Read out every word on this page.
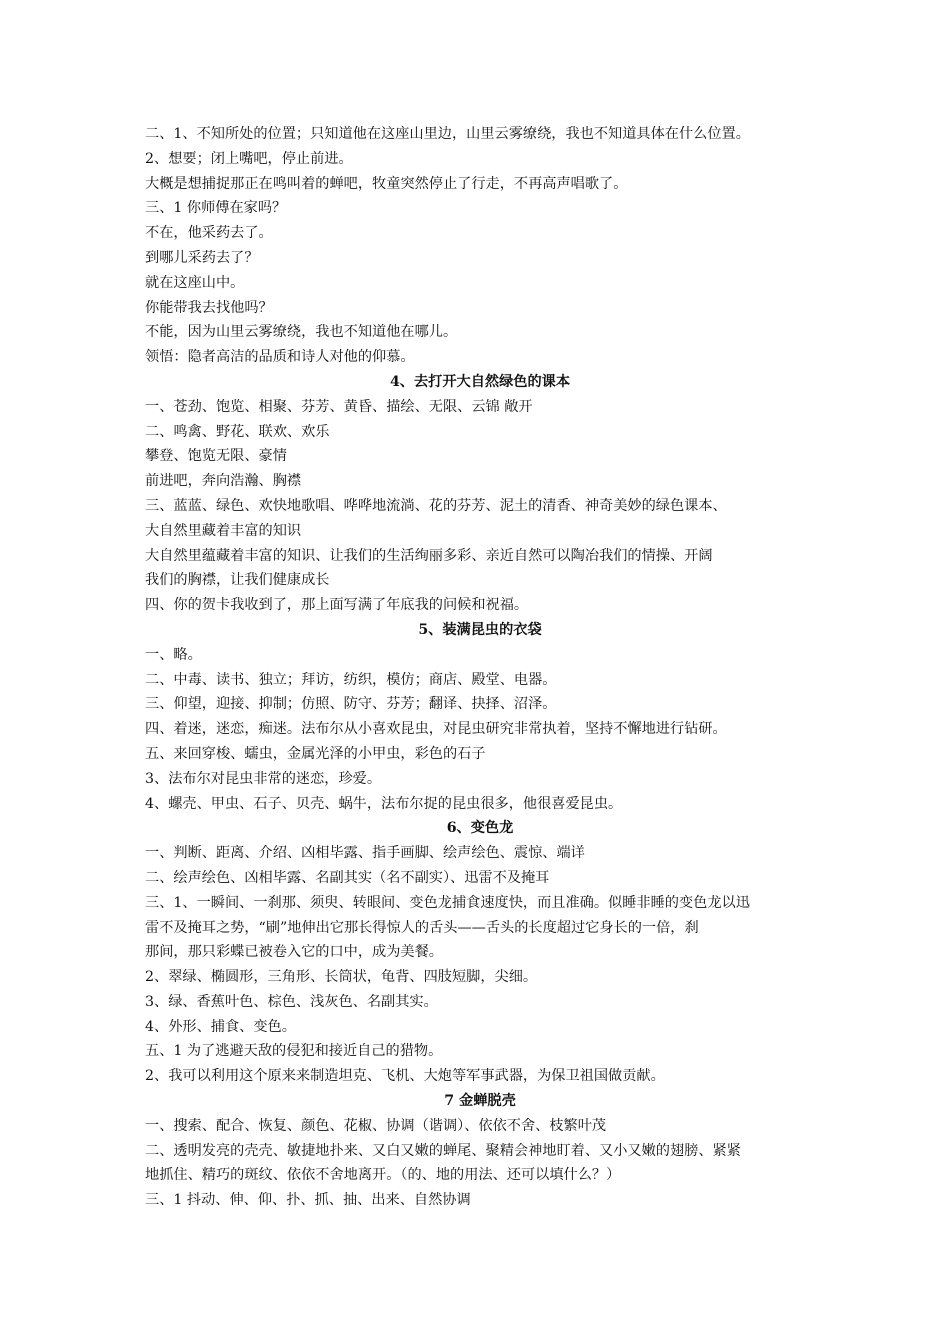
二、1、不知所处的位置；只知道他在这座山里边，山里云雾缭绕，我也不知道具体在什么位置。
2、想要；闭上嘴吧，停止前进。
大概是想捕捉那正在鸣叫着的蝉吧，牧童突然停止了行走，不再高声唱歌了。
三、1 你师傅在家吗？
不在，他采药去了。
到哪儿采药去了？
就在这座山中。
你能带我去找他吗？
不能，因为山里云雾缭绕，我也不知道他在哪儿。
领悟：隐者高洁的品质和诗人对他的仰慕。
4、去打开大自然绿色的课本
一、苍劲、饱览、相聚、芬芳、黄昏、描绘、无限、云锦 敞开
二、鸣禽、野花、联欢、欢乐
攀登、饱览无限、豪情
前进吧，奔向浩瀚、胸襟
三、蓝蓝、绿色、欢快地歌唱、哗哗地流淌、花的芬芳、泥土的清香、神奇美妙的绿色课本、
大自然里藏着丰富的知识
大自然里蕴藏着丰富的知识、让我们的生活绚丽多彩、亲近自然可以陶冶我们的情操、开阔
我们的胸襟，让我们健康成长
四、你的贺卡我收到了，那上面写满了年底我的问候和祝福。
5、装满昆虫的衣袋
一、略。
二、中毒、读书、独立；拜访，纺织，模仿；商店、殿堂、电器。
三、仰望，迎接、抑制；仿照、防守、芬芳；翻译、抉择、沼泽。
四、着迷，迷恋，痴迷。法布尔从小喜欢昆虫，对昆虫研究非常执着，坚持不懈地进行钻研。
五、来回穿梭、蠕虫，金属光泽的小甲虫，彩色的石子
3、法布尔对昆虫非常的迷恋，珍爱。
4、螺壳、甲虫、石子、贝壳、蜗牛，法布尔捉的昆虫很多，他很喜爱昆虫。
6、变色龙
一、判断、距离、介绍、凶相毕露、指手画脚、绘声绘色、震惊、端详
二、绘声绘色、凶相毕露、名副其实（名不副实）、迅雷不及掩耳
三、1、一瞬间、一刹那、须臾、转眼间、变色龙捕食速度快，而且准确。似睡非睡的变色龙以迅
雷不及掩耳之势，“刷”地伸出它那长得惊人的舌头——舌头的长度超过它身长的一倍，刹
那间，那只彩蝶已被卷入它的口中，成为美餐。
2、翠绿、椭圆形，三角形、长筒状，龟背、四肢短脚，尖细。
3、绿、香蕉叶色、棕色、浅灰色、名副其实。
4、外形、捕食、变色。
五、1 为了逃避天敌的侵犯和接近自己的猎物。
2、我可以利用这个原来来制造坦克、飞机、大炮等军事武器，为保卫祖国做贡献。
7 金蝉脱壳
一、搜索、配合、恢复、颜色、花椒、协调（谐调）、依依不舍、枝繁叶茂
二、透明发亮的壳壳、敏捷地扑来、又白又嫩的蝉尾、聚精会神地盯着、又小又嫩的翅膀、紧紧
地抓住、精巧的斑纹、依依不舍地离开。（的、地的用法、还可以填什么？）
三、1 抖动、伸、仰、扑、抓、抽、出来、自然协调
